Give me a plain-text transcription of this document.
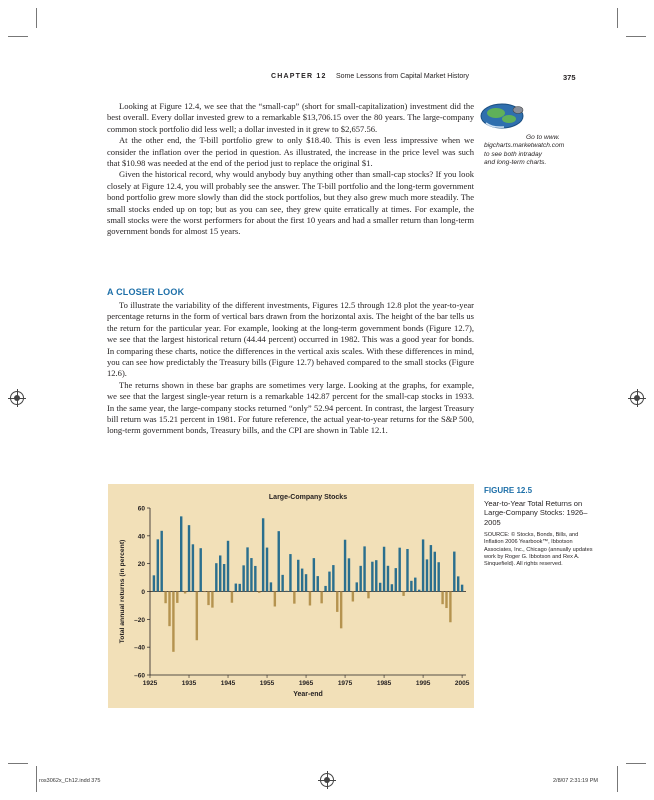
CHAPTER 12 Some Lessons from Capital Market History	375

Looking at Figure 12.4, we see that the “small-cap” (short for small-capitalization) investment did the best overall. Every dollar invested grew to a remarkable $13,706.15 over the 80 years. The large-company common stock portfolio did less well; a dollar invested in it grew to $2,657.56.

At the other end, the T-bill portfolio grew to only $18.40. This is even less impressive when we consider the inflation over the period in question. As illustrated, the increase in the price level was such that $10.98 was needed at the end of the period just to replace the original $1.

Given the historical record, why would anybody buy anything other than small-cap stocks? If you look closely at Figure 12.4, you will probably see the answer. The T-bill portfolio and the long-term government bond portfolio grew more slowly than did the stock portfolios, but they also grew much more steadily. The small stocks ended up on top; but as you can see, they grew quite erratically at times. For example, the small stocks were the worst performers for about the first 10 years and had a smaller return than long-term government bonds for almost 15 years.

A CLOSER LOOK

To illustrate the variability of the different investments, Figures 12.5 through 12.8 plot the year-to-year percentage returns in the form of vertical bars drawn from the horizontal axis. The height of the bar tells us the return for the particular year. For example, looking at the long-term government bonds (Figure 12.7), we see that the largest historical return (44.44 percent) occurred in 1982. This was a good year for bonds. In comparing these charts, notice the differences in the vertical axis scales. With these differences in mind, you can see how predictably the Treasury bills (Figure 12.7) behaved compared to the small stocks (Figure 12.6).

The returns shown in these bar graphs are sometimes very large. Looking at the graphs, for example, we see that the largest single-year return is a remarkable 142.87 percent for the small-cap stocks in 1933. In the same year, the large-company stocks returned “only” 52.94 percent. In contrast, the largest Treasury bill return was 15.21 percent in 1981. For future reference, the actual year-to-year returns for the S&P 500, long-term government bonds, Treasury bills, and the CPI are shown in Table 12.1.

Go to www.
bigcharts.marketwatch.com
to see both intraday
and long-term charts.
Large-Company Stocks
–60
–40
–20
0
20
40
60
1925	1935	1945	1955	1965	1975	1985	1995	2005
Year-end
Total annual returns (in percent)
FIGURE 12.5
Year-to-Year Total Returns on Large-Company Stocks: 1926–2005
SOURCE: © Stocks, Bonds, Bills, and Inflation 2006 Yearbook™, Ibbotson Associates, Inc., Chicago (annually updates work by Roger G. Ibbotson and Rex A. Sinquefield). All rights reserved.
ros3062x_Ch12.indd 375	2/8/07 2:31:19 PM
